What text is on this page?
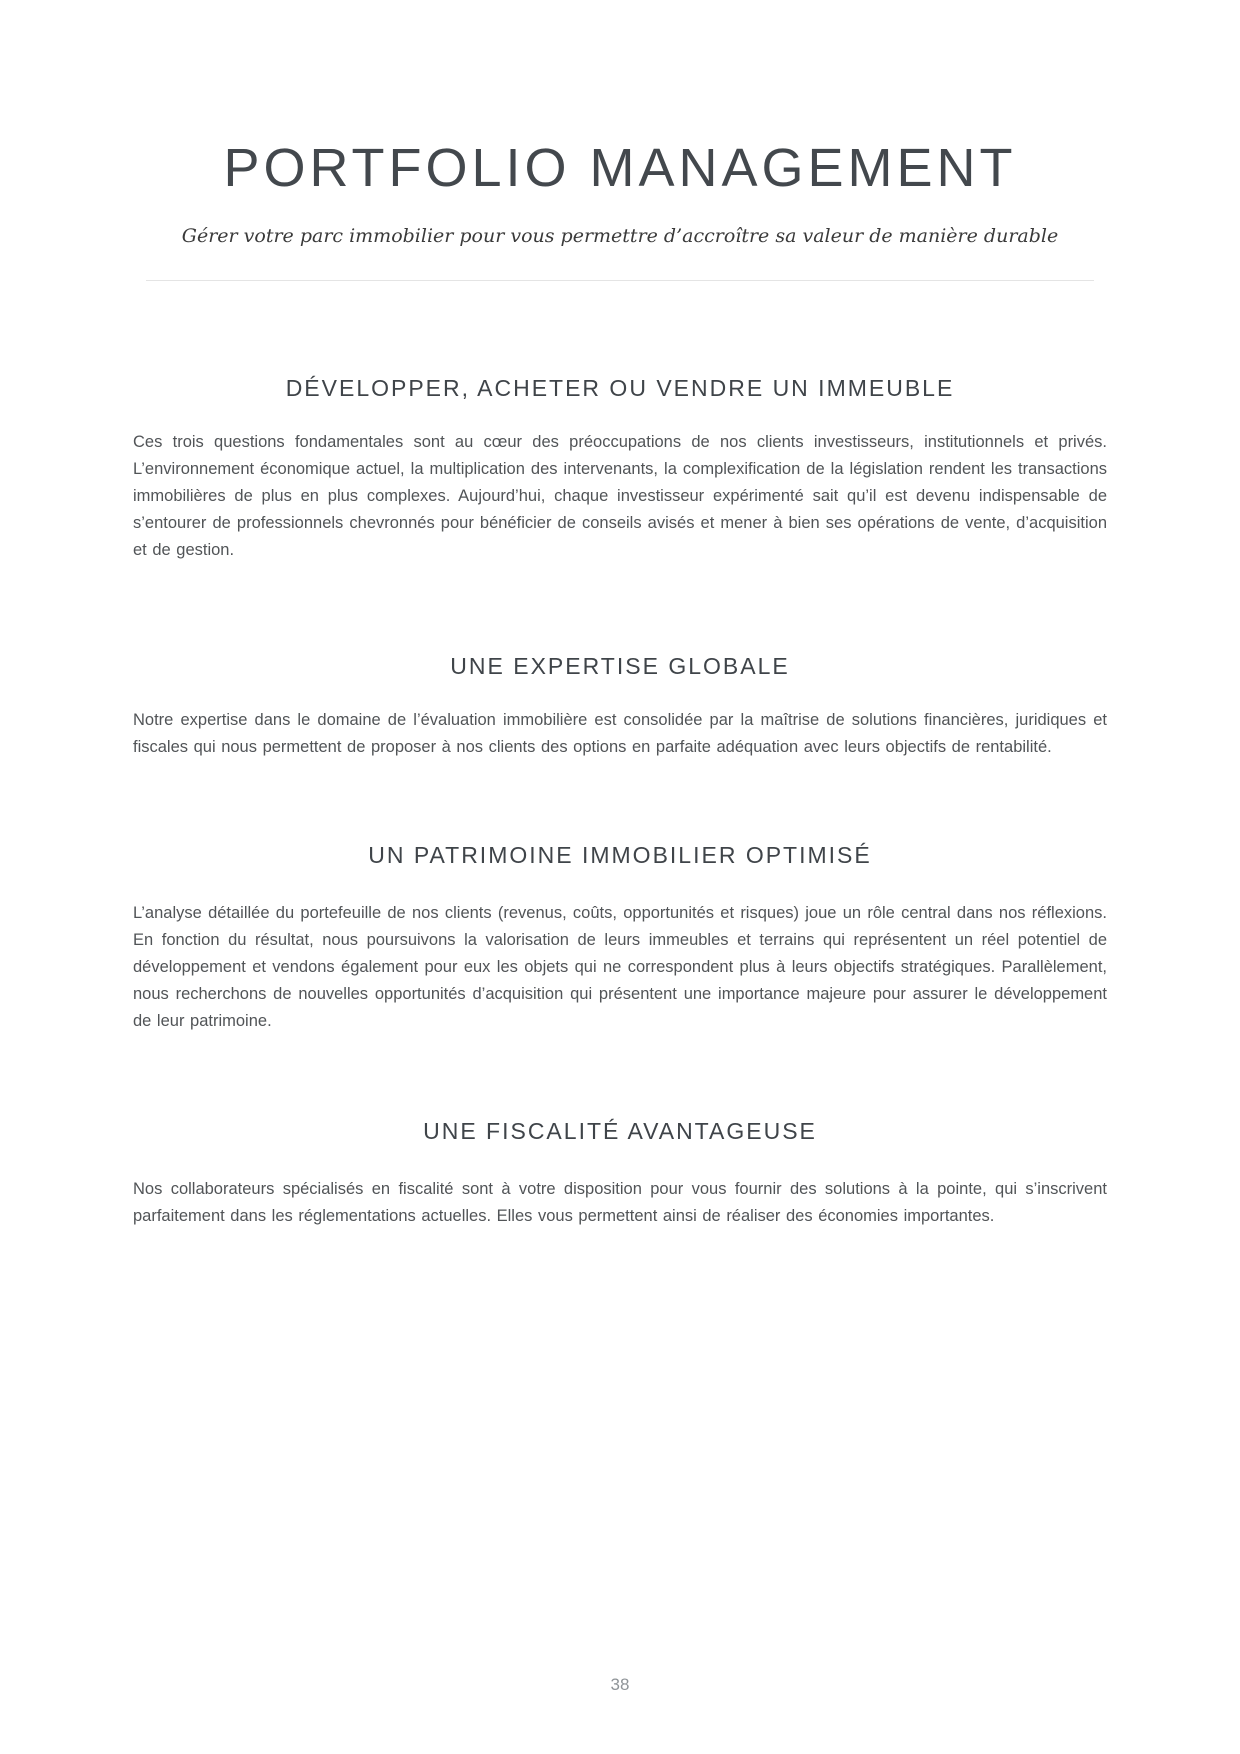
PORTFOLIO MANAGEMENT

Gérer votre parc immobilier pour vous permettre d’accroître sa valeur de manière durable

DÉVELOPPER, ACHETER OU VENDRE UN IMMEUBLE

Ces trois questions fondamentales sont au cœur des préoccupations de nos clients investisseurs, institutionnels et privés. L’environnement économique actuel, la multiplication des intervenants, la complexification de la législation rendent les transactions immobilières de plus en plus complexes. Aujourd’hui, chaque investisseur expérimenté sait qu’il est devenu indispensable de s’entourer de professionnels chevronnés pour bénéficier de conseils avisés et mener à bien ses opérations de vente, d’acquisition et de gestion.

UNE EXPERTISE GLOBALE

Notre expertise dans le domaine de l’évaluation immobilière est consolidée par la maîtrise de solutions financières, juridiques et fiscales qui nous permettent de proposer à nos clients des options en parfaite adéquation avec leurs objectifs de rentabilité.

UN PATRIMOINE IMMOBILIER OPTIMISÉ

L’analyse détaillée du portefeuille de nos clients (revenus, coûts, opportunités et risques) joue un rôle central dans nos réflexions. En fonction du résultat, nous poursuivons la valorisation de leurs immeubles et terrains qui représentent un réel potentiel de développement et vendons également pour eux les objets qui ne correspondent plus à leurs objectifs stratégiques. Parallèlement, nous recherchons de nouvelles opportunités d’acquisition qui présentent une importance majeure pour assurer le développement de leur patrimoine.

UNE FISCALITÉ AVANTAGEUSE

Nos collaborateurs spécialisés en fiscalité sont à votre disposition pour vous fournir des solutions à la pointe, qui s’inscrivent parfaitement dans les réglementations actuelles. Elles vous permettent ainsi de réaliser des économies importantes.

38
